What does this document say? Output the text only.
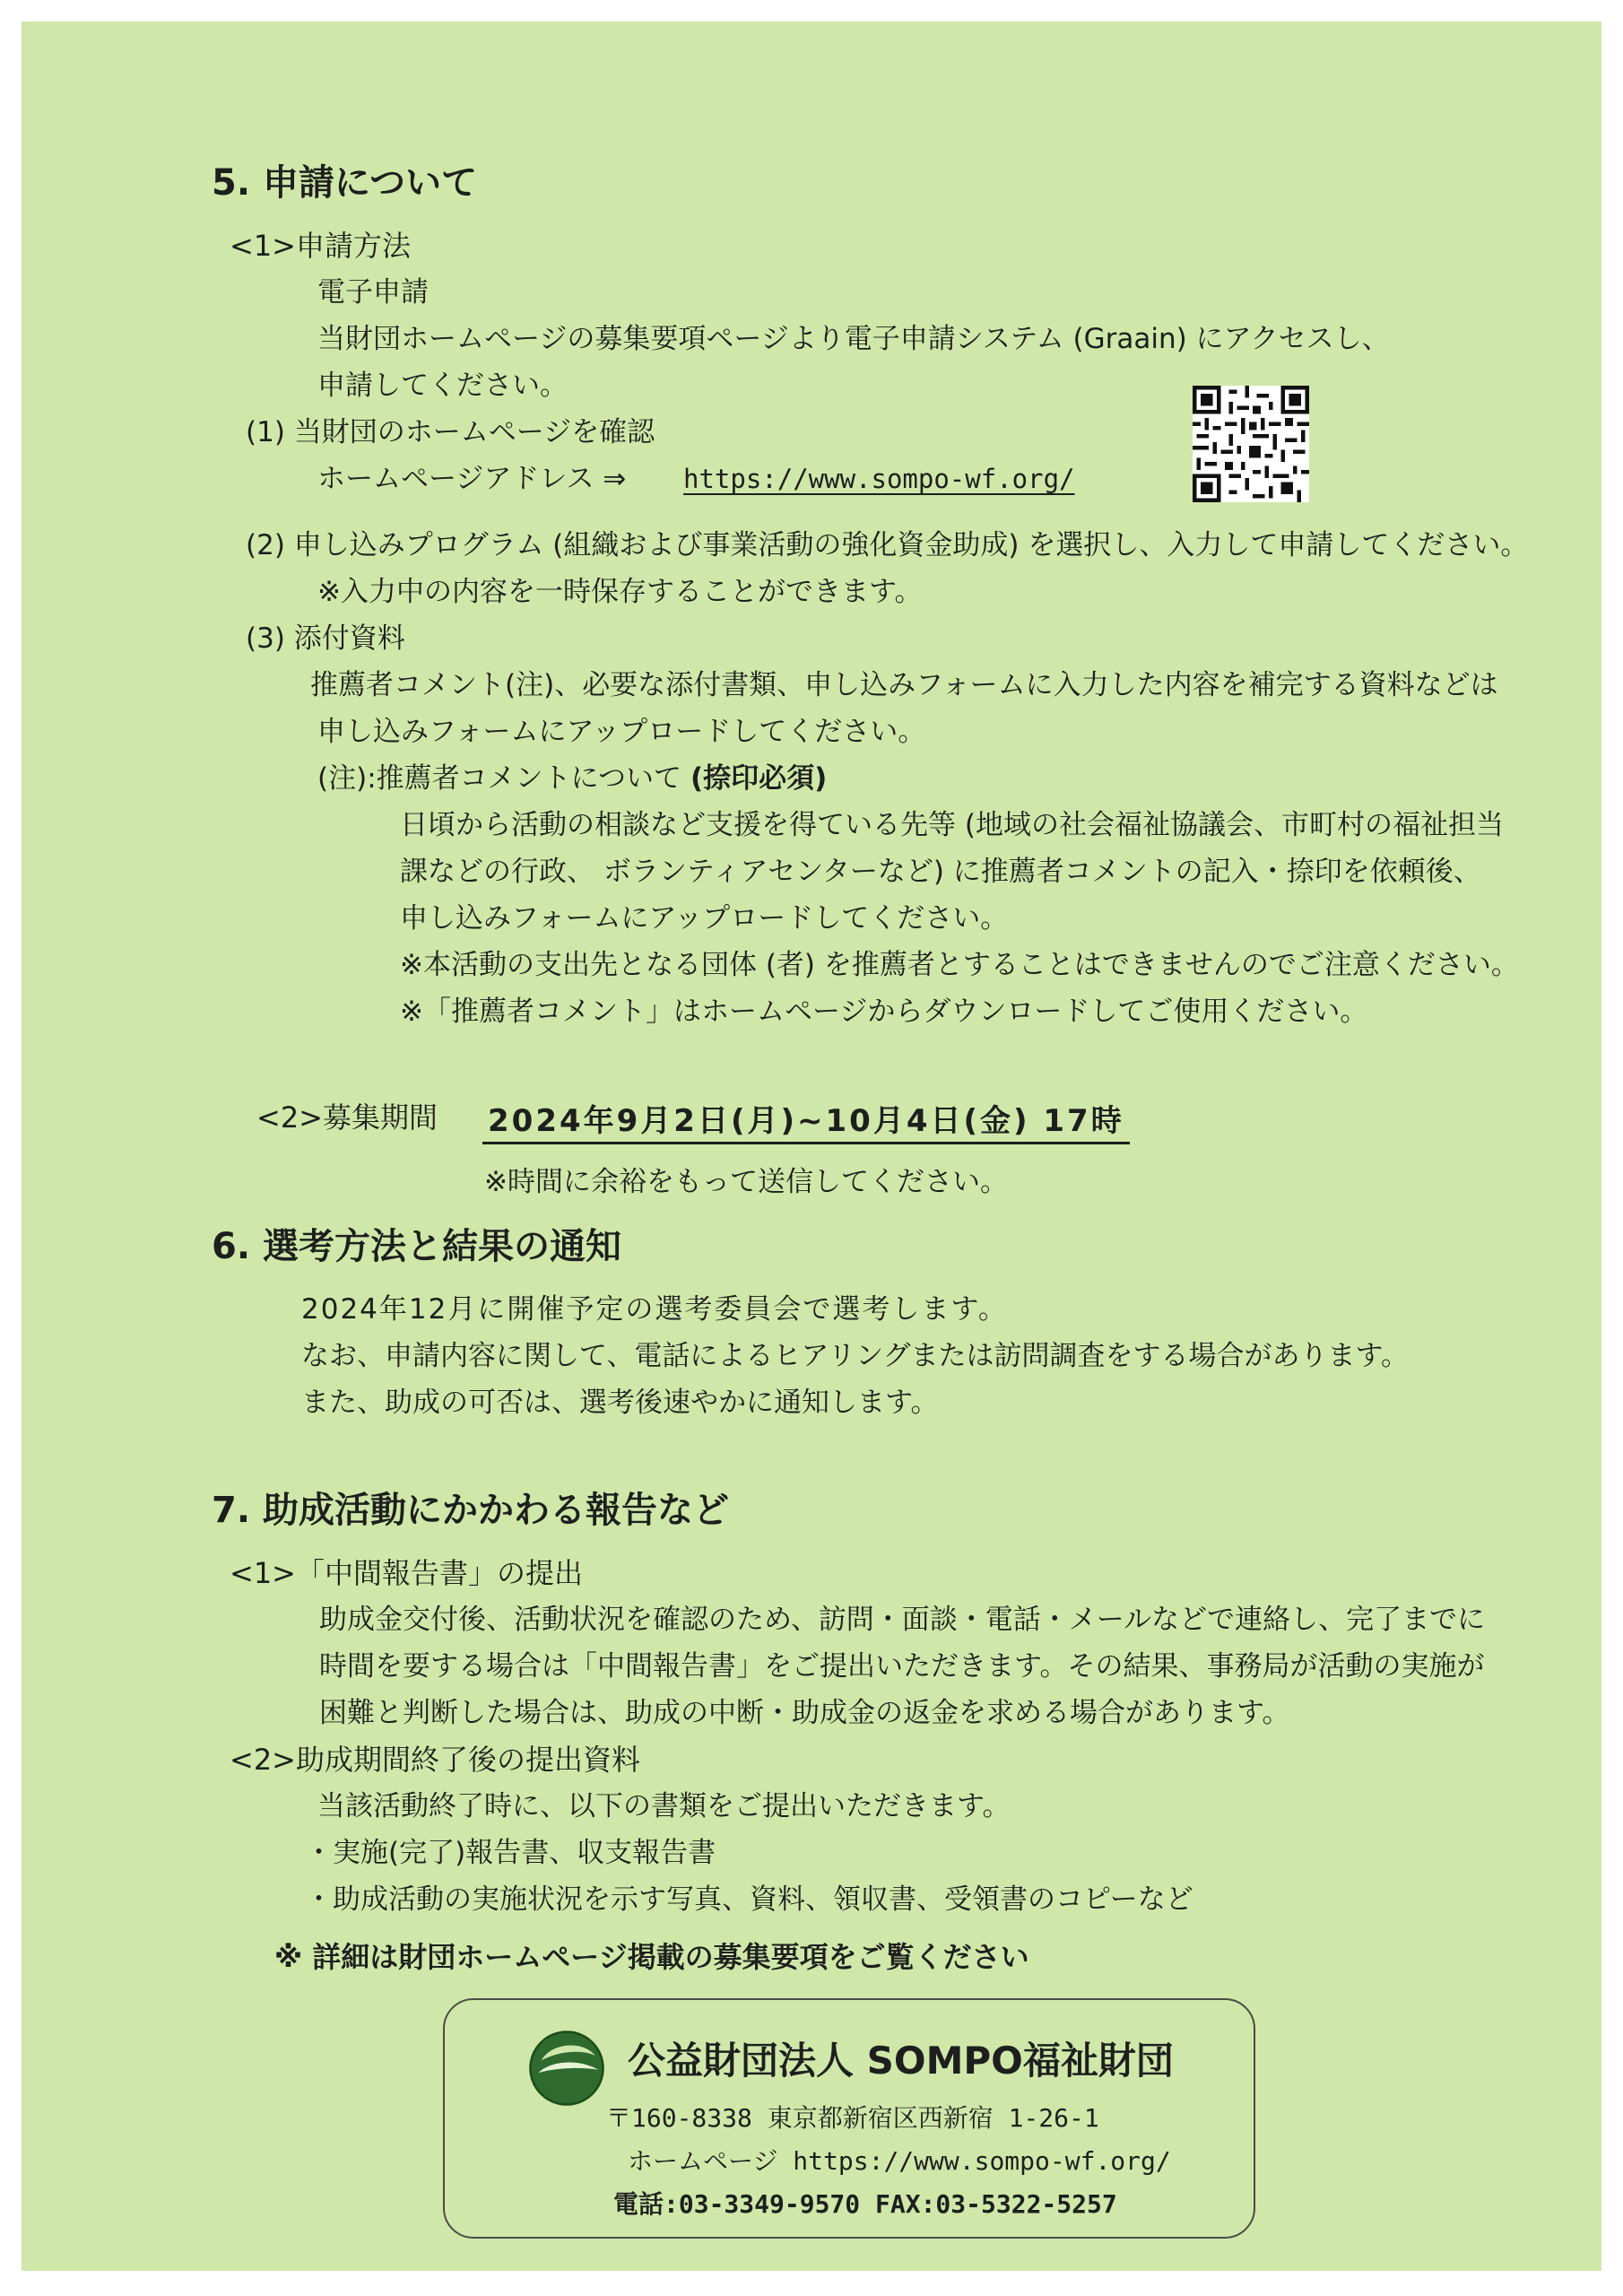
5. 申請について
<1>申請方法
電子申請
当財団ホームページの募集要項ページより電子申請システム (Graain) にアクセスし、
申請してください。
(1) 当財団のホームページを確認
ホームページアドレス ⇒ https://www.sompo-wf.org/
(2) 申し込みプログラム (組織および事業活動の強化資金助成) を選択し、入力して申請してください。
※入力中の内容を一時保存することができます。
(3) 添付資料
推薦者コメント(注)、必要な添付書類、申し込みフォームに入力した内容を補完する資料などは
申し込みフォームにアップロードしてください。
(注):推薦者コメントについて (捺印必須)
日頃から活動の相談など支援を得ている先等 (地域の社会福祉協議会、市町村の福祉担当
課などの行政、 ボランティアセンターなど) に推薦者コメントの記入・捺印を依頼後、
申し込みフォームにアップロードしてください。
※本活動の支出先となる団体 (者) を推薦者とすることはできませんのでご注意ください。
※「推薦者コメント」はホームページからダウンロードしてご使用ください。
<2>募集期間 2024年9月2日(月)~10月4日(金) 17時
※時間に余裕をもって送信してください。
6. 選考方法と結果の通知
2024年12月に開催予定の選考委員会で選考します。
なお、申請内容に関して、電話によるヒアリングまたは訪問調査をする場合があります。
また、助成の可否は、選考後速やかに通知します。
7. 助成活動にかかわる報告など
<1>「中間報告書」の提出
助成金交付後、活動状況を確認のため、訪問・面談・電話・メールなどで連絡し、完了までに
時間を要する場合は「中間報告書」をご提出いただきます。その結果、事務局が活動の実施が
困難と判断した場合は、助成の中断・助成金の返金を求める場合があります。
<2>助成期間終了後の提出資料
当該活動終了時に、以下の書類をご提出いただきます。
・実施(完了)報告書、収支報告書
・助成活動の実施状況を示す写真、資料、領収書、受領書のコピーなど
※ 詳細は財団ホームページ掲載の募集要項をご覧ください
公益財団法人 SOMPO福祉財団
〒160-8338 東京都新宿区西新宿 1-26-1
ホームページ https://www.sompo-wf.org/
電話:03-3349-9570 FAX:03-5322-5257
